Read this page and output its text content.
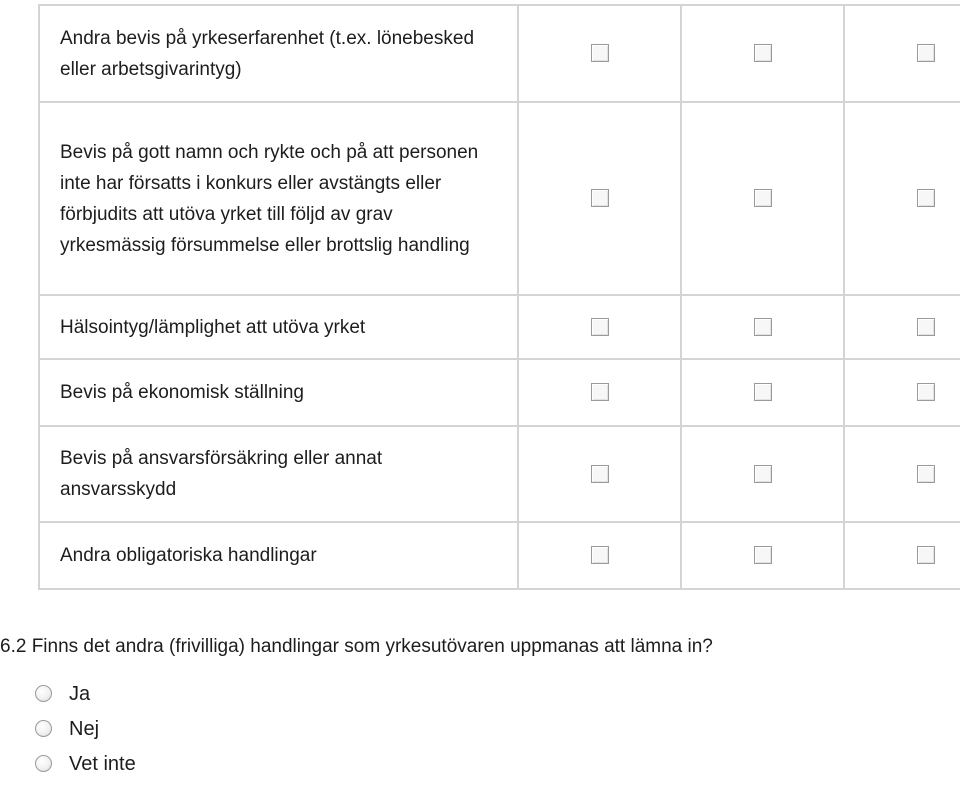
Andra bevis på yrkeserfarenhet (t.ex. lönebesked eller arbetsgivarintyg)			
Bevis på gott namn och rykte och på att personen inte har försatts i konkurs eller avstängts eller förbjudits att utöva yrket till följd av grav yrkesmässig försummelse eller brottslig handling			
Hälsointyg/lämplighet att utöva yrket			
Bevis på ekonomisk ställning			
Bevis på ansvarsförsäkring eller annat ansvarsskydd			
Andra obligatoriska handlingar			
6.2 Finns det andra (frivilliga) handlingar som yrkesutövaren uppmanas att lämna in?
Ja
Nej
Vet inte
